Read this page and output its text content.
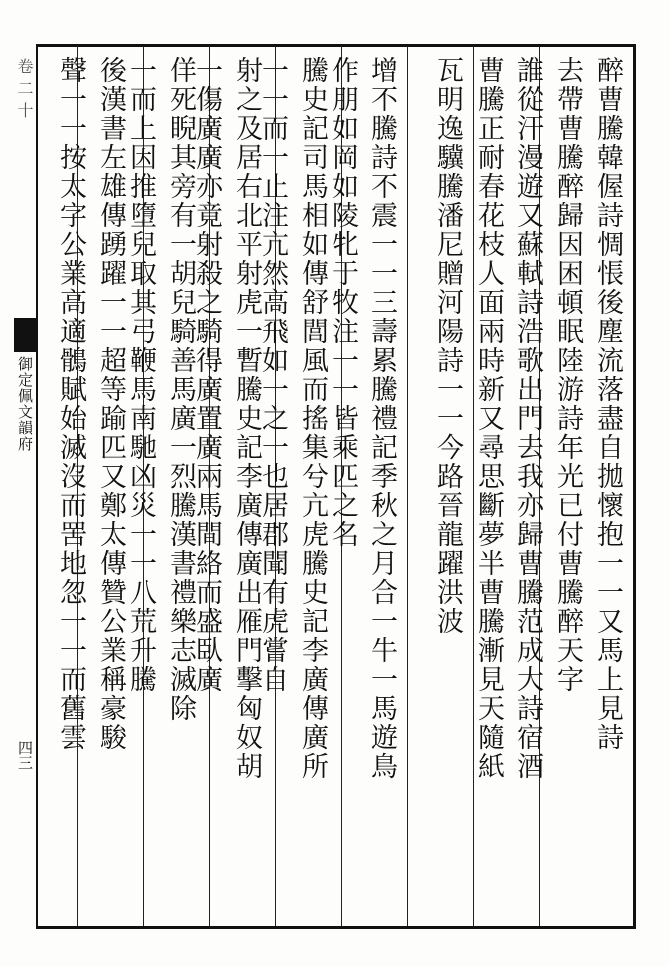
卷二十
御定佩文韻府
四三
醉曹騰韓偓詩惆悵後塵流落盡自拋懷抱一一又馬上見詩
去帶曹騰醉歸因困頓眠陸游詩年光已付曹騰醉天字
誰從汗漫遊又蘇軾詩浩歌出門去我亦歸曹騰范成大詩宿酒
曹騰正耐春花枝人面兩時新又尋思斷夢半曹騰漸見天隨紙
瓦明逸驥騰潘尼贈河陽詩一一今路晉龍躍洪波
增不騰詩不震一一三壽累騰禮記季秋之月合一牛一馬遊鳥
作朋如岡如陵牝于牧注一一皆乘匹之名
騰史記司馬相如傳舒閭風而搖集兮亢虎騰史記李廣傳廣所
一一而一止注亢然高飛如一之一也居郡聞有虎嘗自
射之及居右北平射虎一暫騰史記李廣傳廣出雁門擊匈奴胡
一傷廣廣亦竟射殺之騎得廣置廣兩馬間絡而盛臥廣
佯死睨其旁有一胡兒騎善馬廣一烈騰漢書禮樂志滅除
一而上因推墮兒取其弓鞭馬南馳凶災一一八荒升騰
後漢書左雄傳踴躍一一超等踰匹又鄭太傳贊公業稱豪駿
聲一一按太字公業高適鶻賦始滅沒而罟地忽一一而舊雲
